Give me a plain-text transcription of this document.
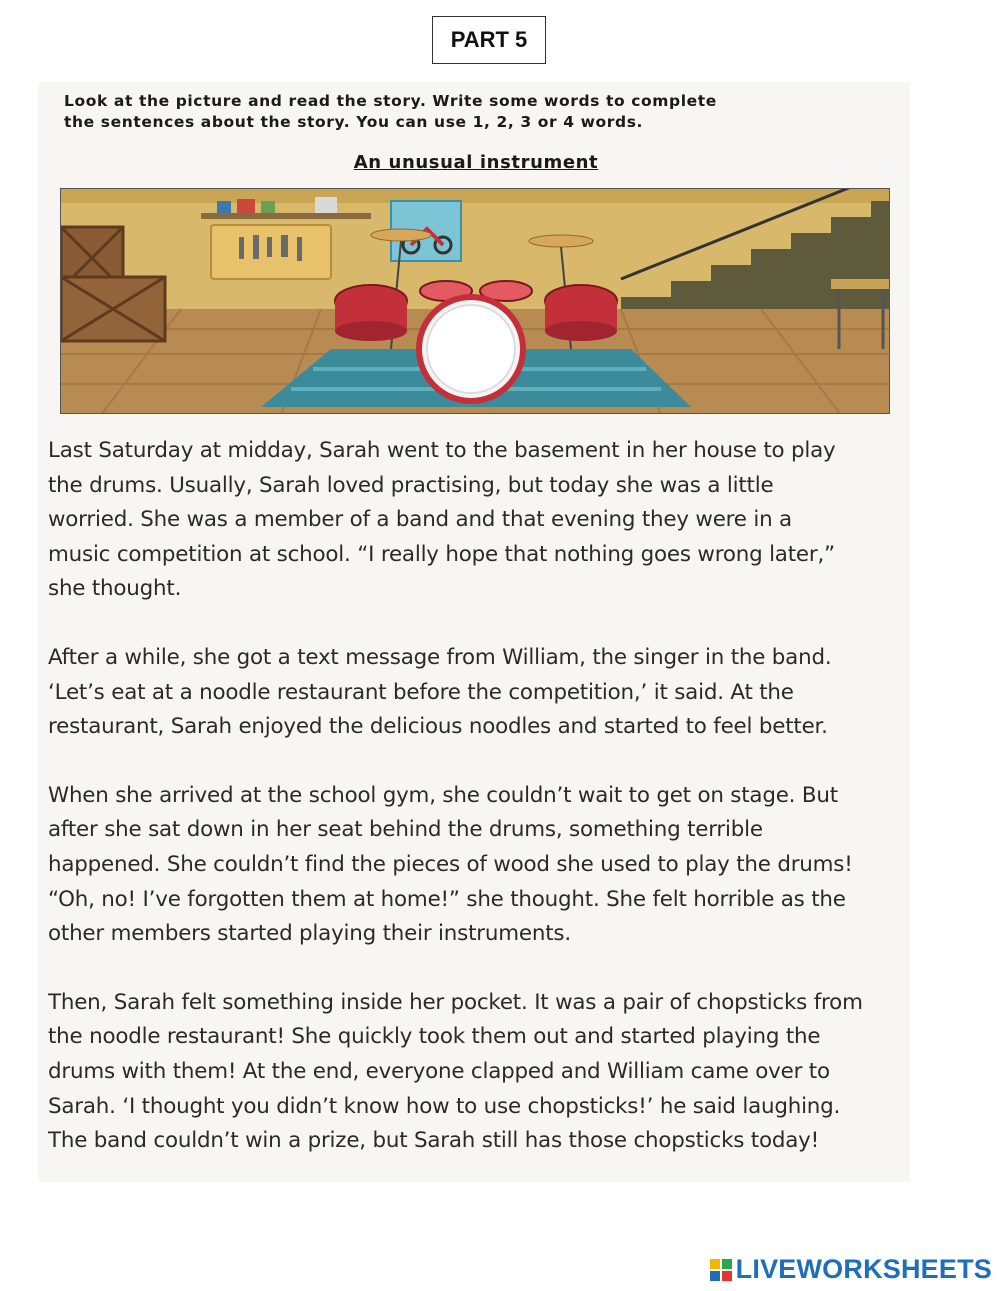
PART 5
Look at the picture and read the story. Write some words to complete
the sentences about the story. You can use 1, 2, 3 or 4 words.
An unusual instrument

Last Saturday at midday, Sarah went to the basement in her house to play
the drums. Usually, Sarah loved practising, but today she was a little
worried. She was a member of a band and that evening they were in a
music competition at school. “I really hope that nothing goes wrong later,”
she thought.

After a while, she got a text message from William, the singer in the band.
‘Let’s eat at a noodle restaurant before the competition,’ it said. At the
restaurant, Sarah enjoyed the delicious noodles and started to feel better.

When she arrived at the school gym, she couldn’t wait to get on stage. But
after she sat down in her seat behind the drums, something terrible
happened. She couldn’t find the pieces of wood she used to play the drums!
“Oh, no! I’ve forgotten them at home!” she thought. She felt horrible as the
other members started playing their instruments.

Then, Sarah felt something inside her pocket. It was a pair of chopsticks from
the noodle restaurant! She quickly took them out and started playing the
drums with them! At the end, everyone clapped and William came over to
Sarah. ‘I thought you didn’t know how to use chopsticks!’ he said laughing.
The band couldn’t win a prize, but Sarah still has those chopsticks today!

LIVEWORKSHEETS
